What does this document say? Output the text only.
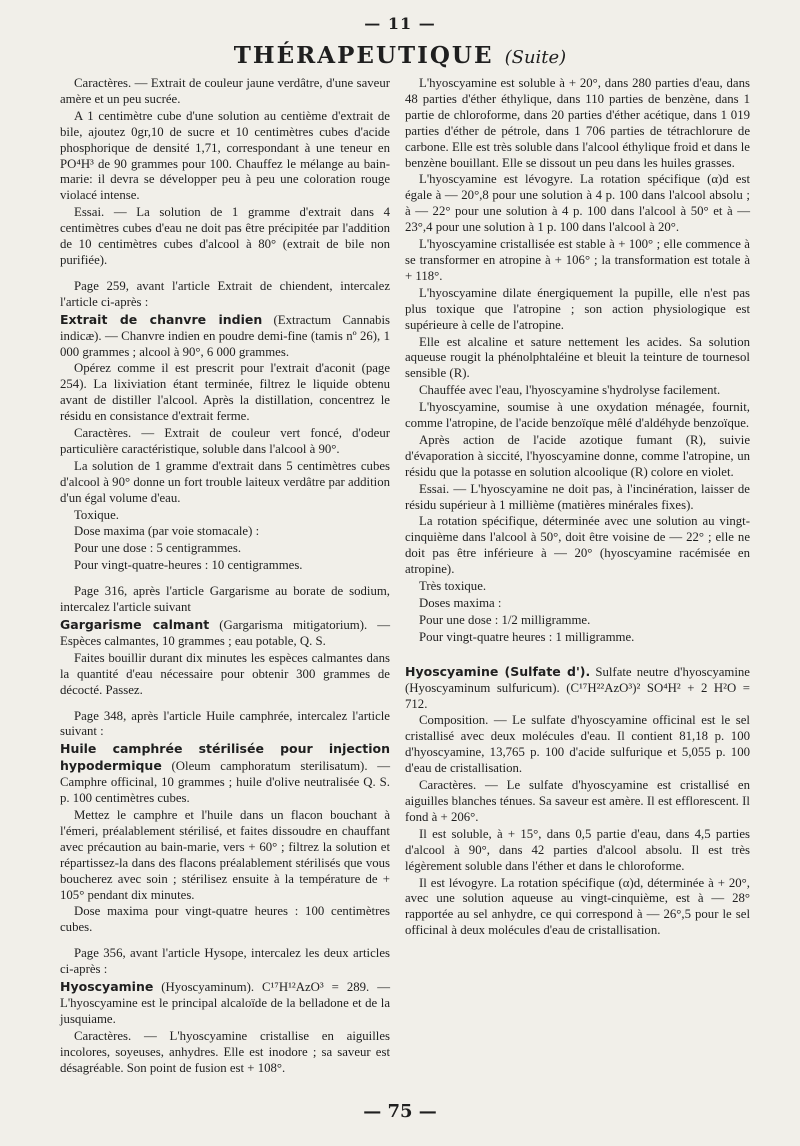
— 11 —
THÉRAPEUTIQUE (Suite)

Caractères. — Extrait de couleur jaune verdâtre, d'une saveur amère et un peu sucrée.

A 1 centimètre cube d'une solution au centième d'extrait de bile, ajoutez 0gr,10 de sucre et 10 centimètres cubes d'acide phosphorique de densité 1,71, correspondant à une teneur en PO⁴H³ de 90 grammes pour 100. Chauffez le mélange au bain-marie: il devra se développer peu à peu une coloration rouge violacé intense.

Essai. — La solution de 1 gramme d'extrait dans 4 centimètres cubes d'eau ne doit pas être précipitée par l'addition de 10 centimètres cubes d'alcool à 80° (extrait de bile non purifiée).

Page 259, avant l'article Extrait de chiendent, intercalez l'article ci-après :

Extrait de chanvre indien (Extractum Cannabis indicæ). — Chanvre indien en poudre demi-fine (tamis nº 26), 1 000 grammes ; alcool à 90°, 6 000 grammes.

Opérez comme il est prescrit pour l'extrait d'aconit (page 254). La lixiviation étant terminée, filtrez le liquide obtenu avant de distiller l'alcool. Après la distillation, concentrez le résidu en consistance d'extrait ferme.

Caractères. — Extrait de couleur vert foncé, d'odeur particulière caractéristique, soluble dans l'alcool à 90°.

La solution de 1 gramme d'extrait dans 5 centimètres cubes d'alcool à 90° donne un fort trouble laiteux verdâtre par addition d'un égal volume d'eau.

Toxique.

Dose maxima (par voie stomacale) :

Pour une dose : 5 centigrammes.

Pour vingt-quatre-heures : 10 centigrammes.

Page 316, après l'article Gargarisme au borate de sodium, intercalez l'article suivant

Gargarisme calmant (Gargarisma mitigatorium). — Espèces calmantes, 10 grammes ; eau potable, Q. S.

Faites bouillir durant dix minutes les espèces calmantes dans la quantité d'eau nécessaire pour obtenir 300 grammes de décocté. Passez.

Page 348, après l'article Huile camphrée, intercalez l'article suivant :

Huile camphrée stérilisée pour injection hypodermique (Oleum camphoratum sterilisatum). — Camphre officinal, 10 grammes ; huile d'olive neutralisée Q. S. p. 100 centimètres cubes.

Mettez le camphre et l'huile dans un flacon bouchant à l'émeri, préalablement stérilisé, et faites dissoudre en chauffant avec précaution au bain-marie, vers + 60° ; filtrez la solution et répartissez-la dans des flacons préalablement stérilisés que vous boucherez avec soin ; stérilisez ensuite à la température de + 105° pendant dix minutes.

Dose maxima pour vingt-quatre heures : 100 centimètres cubes.

Page 356, avant l'article Hysope, intercalez les deux articles ci-après :

Hyoscyamine (Hyoscyaminum). C¹⁷H¹²AzO³ = 289. — L'hyoscyamine est le principal alcaloïde de la belladone et de la jusquiame.

Caractères. — L'hyoscyamine cristallise en aiguilles incolores, soyeuses, anhydres. Elle est inodore ; sa saveur est désagréable. Son point de fusion est + 108°.

L'hyoscyamine est soluble à + 20°, dans 280 parties d'eau, dans 48 parties d'éther éthylique, dans 110 parties de benzène, dans 1 partie de chloroforme, dans 20 parties d'éther acétique, dans 1 019 parties d'éther de pétrole, dans 1 706 parties de tétrachlorure de carbone. Elle est très soluble dans l'alcool éthylique froid et dans le benzène bouillant. Elle se dissout un peu dans les huiles grasses.

L'hyoscyamine est lévogyre. La rotation spécifique (α)d est égale à — 20°,8 pour une solution à 4 p. 100 dans l'alcool absolu ; à — 22° pour une solution à 4 p. 100 dans l'alcool à 50° et à — 23°,4 pour une solution à 1 p. 100 dans l'alcool à 20°.

L'hyoscyamine cristallisée est stable à + 100° ; elle commence à se transformer en atropine à + 106° ; la transformation est totale à + 118°.

L'hyoscyamine dilate énergiquement la pupille, elle n'est pas plus toxique que l'atropine ; son action physiologique est supérieure à celle de l'atropine.

Elle est alcaline et sature nettement les acides. Sa solution aqueuse rougit la phénolphtaléine et bleuit la teinture de tournesol sensible (R).

Chauffée avec l'eau, l'hyoscyamine s'hydrolyse facilement.

L'hyoscyamine, soumise à une oxydation ménagée, fournit, comme l'atropine, de l'acide benzoïque mêlé d'aldéhyde benzoïque.

Après action de l'acide azotique fumant (R), suivie d'évaporation à siccité, l'hyoscyamine donne, comme l'atropine, un résidu que la potasse en solution alcoolique (R) colore en violet.

Essai. — L'hyoscyamine ne doit pas, à l'incinération, laisser de résidu supérieur à 1 millième (matières minérales fixes).

La rotation spécifique, déterminée avec une solution au vingt-cinquième dans l'alcool à 50°, doit être voisine de — 22° ; elle ne doit pas être inférieure à — 20° (hyoscyamine racémisée en atropine).

Très toxique.

Doses maxima :

Pour une dose : 1/2 milligramme.

Pour vingt-quatre heures : 1 milligramme.

Hyoscyamine (Sulfate d'). Sulfate neutre d'hyoscyamine (Hyoscyaminum sulfuricum). (C¹⁷H²²AzO³)² SO⁴H² + 2 H²O = 712.

Composition. — Le sulfate d'hyoscyamine officinal est le sel cristallisé avec deux molécules d'eau. Il contient 81,18 p. 100 d'hyoscyamine, 13,765 p. 100 d'acide sulfurique et 5,055 p. 100 d'eau de cristallisation.

Caractères. — Le sulfate d'hyoscyamine est cristallisé en aiguilles blanches ténues. Sa saveur est amère. Il est efflorescent. Il fond à + 206°.

Il est soluble, à + 15°, dans 0,5 partie d'eau, dans 4,5 parties d'alcool à 90°, dans 42 parties d'alcool absolu. Il est très légèrement soluble dans l'éther et dans le chloroforme.

Il est lévogyre. La rotation spécifique (α)d, déterminée à + 20°, avec une solution aqueuse au vingt-cinquième, est à — 28° rapportée au sel anhydre, ce qui correspond à — 26°,5 pour le sel officinal à deux molécules d'eau de cristallisation.

— 75 —
